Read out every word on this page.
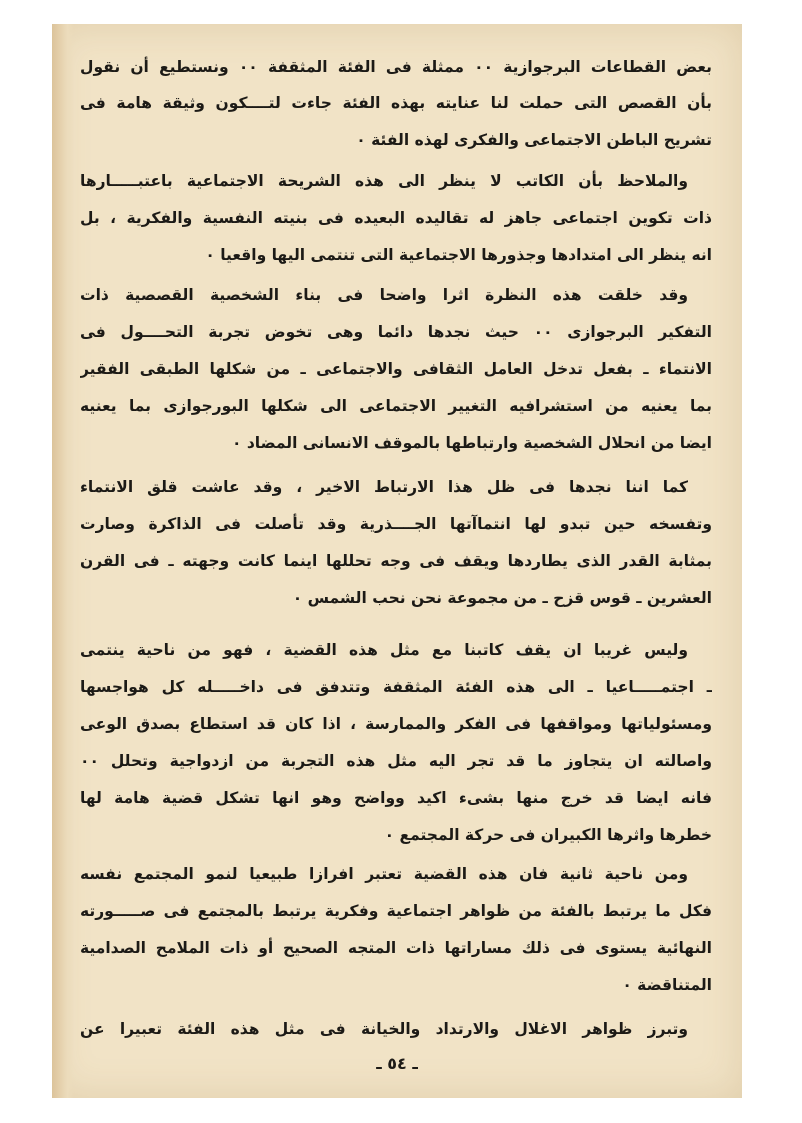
بعض القطاعات البرجوازية ٠٠ ممثلة فى الفئة المثقفة ٠٠ ونستطيع أن نقول
بأن القصص التى حملت لنا عنايته بهذه الفئة جاءت لتــــكون وثيقة هامة فى
تشريح الباطن الاجتماعى والفكرى لهذه الفئة ٠
والملاحظ بأن الكاتب لا ينظر الى هذه الشريحة الاجتماعية باعتبـــــارها
ذات تكوين اجتماعى جاهز له تقاليده البعيده فى بنيته النفسية والفكرية ، بل
انه ينظر الى امتدادها وجذورها الاجتماعية التى تنتمى اليها واقعيا ٠
وقد خلقت هذه النظرة اثرا واضحا فى بناء الشخصية القصصية ذات
التفكير البرجوازى ٠٠ حيث نجدها دائما وهى تخوض تجربة التحــــول فى
الانتماء ـ بفعل تدخل العامل الثقافى والاجتماعى ـ من شكلها الطبقى الفقير
بما يعنيه من استشرافيه التغيير الاجتماعى الى شكلها البورجوازى بما يعنيه
ايضا من انحلال الشخصية وارتباطها بالموقف الانسانى المضاد ٠
كما اننا نجدها فى ظل هذا الارتباط الاخير ، وقد عاشت قلق الانتماء
وتفسخه حين تبدو لها انتماآتها الجــــذرية وقد تأصلت فى الذاكرة وصارت
بمثابة القدر الذى يطاردها ويقف فى وجه تحللها اينما كانت وجهته ـ فى القرن
العشرين ـ قوس قزح ـ من مجموعة نحن نحب الشمس ٠
وليس غريبا ان يقف كاتبنا مع مثل هذه القضية ، فهو من ناحية ينتمى
ـ اجتمـــــاعيا ـ الى هذه الفئة المثقفة وتتدفق فى داخـــــله كل هواجسها
ومسئولياتها ومواقفها فى الفكر والممارسة ، اذا كان قد استطاع بصدق الوعى
واصالته ان يتجاوز ما قد تجر اليه مثل هذه التجربة من ازدواجية وتحلل ٠٠
فانه ايضا قد خرج منها بشىء اكيد وواضح وهو انها تشكل قضية هامة لها
خطرها واثرها الكبيران فى حركة المجتمع ٠
ومن ناحية ثانية فان هذه القضية تعتبر افرازا طبيعيا لنمو المجتمع نفسه
فكل ما يرتبط بالفئة من ظواهر اجتماعية وفكرية يرتبط بالمجتمع فى صـــــورته
النهائية يستوى فى ذلك مساراتها ذات المتجه الصحيح أو ذات الملامح الصدامية
المتناقضة ٠
وتبرز ظواهر الاغلال والارتداد والخيانة فى مثل هذه الفئة تعبيرا عن
ـ ٥٤ ـ
